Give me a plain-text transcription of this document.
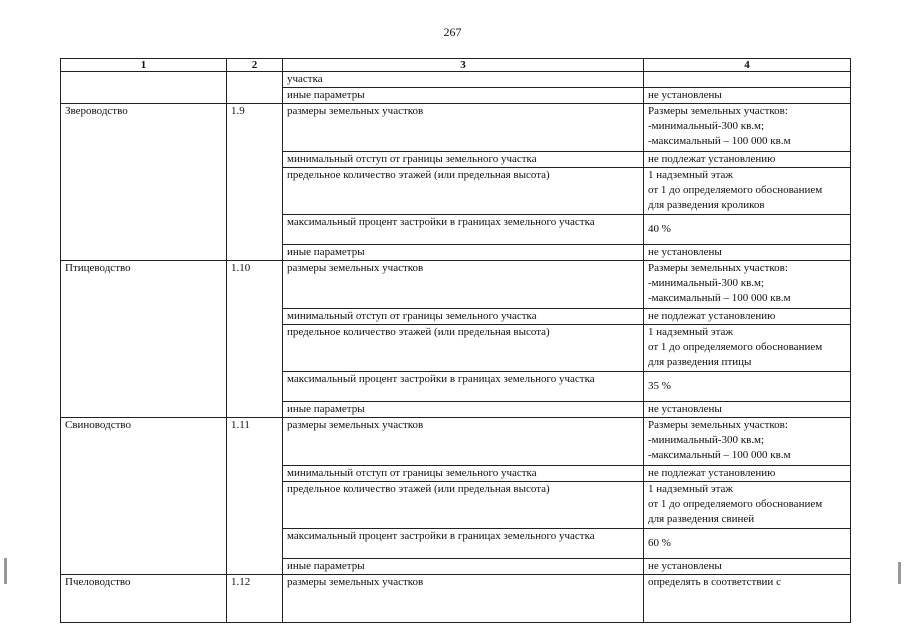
267
1	2	3	4
		участка	
		иные параметры	не установлены
Звероводство	1.9	размеры земельных участков	Размеры земельных участков:
-минимальный-300 кв.м;
-максимальный – 100 000 кв.м

		минимальный отступ от границы земельного участка	не подлежат установлению

		предельное количество этажей (или предельная высота)	1 надземный этаж
от 1 до определяемого обоснованием
для разведения кроликов

		максимальный процент застройки в границах земельного участка	40 %

		иные параметры	не установлены

Птицеводство	1.10	размеры земельных участков	Размеры земельных участков:
-минимальный-300 кв.м;
-максимальный – 100 000 кв.м

		минимальный отступ от границы земельного участка	не подлежат установлению

		предельное количество этажей (или предельная высота)	1 надземный этаж
от 1 до определяемого обоснованием
для разведения птицы

		максимальный процент застройки в границах земельного участка	35 %

		иные параметры	не установлены

Свиноводство	1.11	размеры земельных участков	Размеры земельных участков:
-минимальный-300 кв.м;
-максимальный – 100 000 кв.м

		минимальный отступ от границы земельного участка	не подлежат установлению

		предельное количество этажей (или предельная высота)	1 надземный этаж
от 1 до определяемого обоснованием
для разведения свиней

		максимальный процент застройки в границах земельного участка	60 %

		иные параметры	не установлены

Пчеловодство	1.12	размеры земельных участков	определять в соответствии с
